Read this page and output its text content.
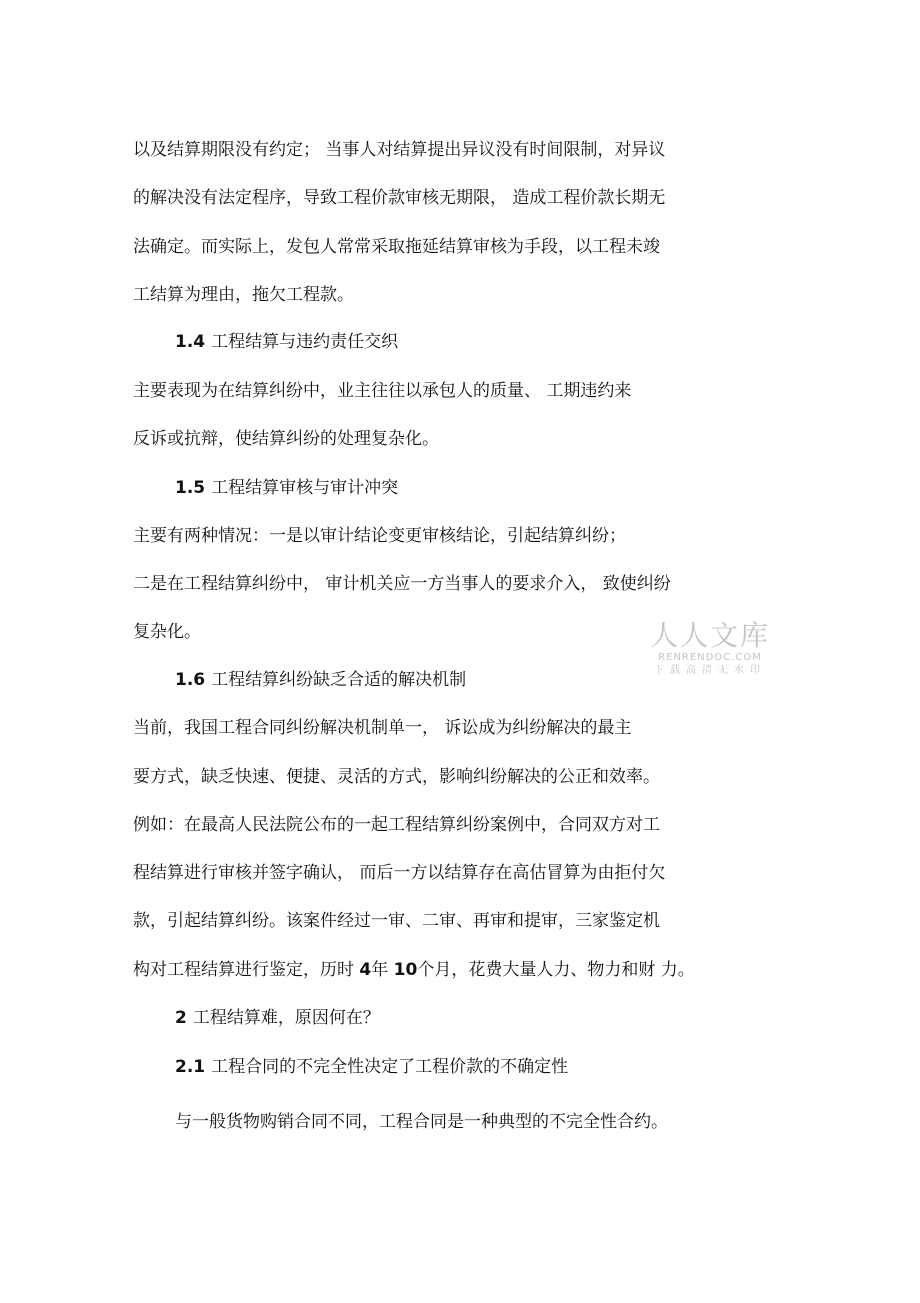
以及结算期限没有约定； 当事人对结算提出异议没有时间限制，对异议
的解决没有法定程序，导致工程价款审核无期限， 造成工程价款长期无
法确定。而实际上，发包人常常采取拖延结算审核为手段，以工程未竣
工结算为理由，拖欠工程款。
1.4 工程结算与违约责任交织
主要表现为在结算纠纷中，业主往往以承包人的质量、 工期违约来
反诉或抗辩，使结算纠纷的处理复杂化。
1.5 工程结算审核与审计冲突
主要有两种情况：一是以审计结论变更审核结论，引起结算纠纷；
二是在工程结算纠纷中， 审计机关应一方当事人的要求介入， 致使纠纷
复杂化。
1.6 工程结算纠纷缺乏合适的解决机制
当前，我国工程合同纠纷解决机制单一， 诉讼成为纠纷解决的最主
要方式，缺乏快速、便捷、灵活的方式，影响纠纷解决的公正和效率。
例如：在最高人民法院公布的一起工程结算纠纷案例中，合同双方对工
程结算进行审核并签字确认， 而后一方以结算存在高估冒算为由拒付欠
款，引起结算纠纷。该案件经过一审、二审、再审和提审，三家鉴定机
构对工程结算进行鉴定，历时 4年 10个月，花费大量人力、物力和财 力。
2 工程结算难，原因何在？
2.1 工程合同的不完全性决定了工程价款的不确定性
与一般货物购销合同不同，工程合同是一种典型的不完全性合约。
人人文库
RENRENDOC.COM
下载高清无水印
